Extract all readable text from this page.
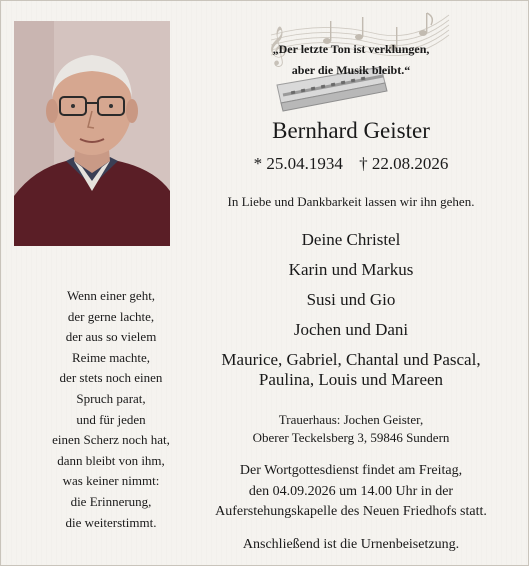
𝄞
„Der letzte Ton ist verklungen,
aber die Musik bleibt.“
Bernhard Geister
* 25.04.1934 † 22.08.2026
In Liebe und Dankbarkeit lassen wir ihn gehen.
Deine Christel
Karin und Markus
Susi und Gio
Jochen und Dani
Maurice, Gabriel, Chantal und Pascal,
Paulina, Louis und Mareen
Trauerhaus: Jochen Geister,
Oberer Teckelsberg 3, 59846 Sundern
Der Wortgottesdienst findet am Freitag,
den 04.09.2026 um 14.00 Uhr in der
Auferstehungskapelle des Neuen Friedhofs statt.
Anschließend ist die Urnenbeisetzung.
Wenn einer geht,
der gerne lachte,
der aus so vielem
Reime machte,
der stets noch einen
Spruch parat,
und für jeden
einen Scherz noch hat,
dann bleibt von ihm,
was keiner nimmt:
die Erinnerung,
die weiterstimmt.
